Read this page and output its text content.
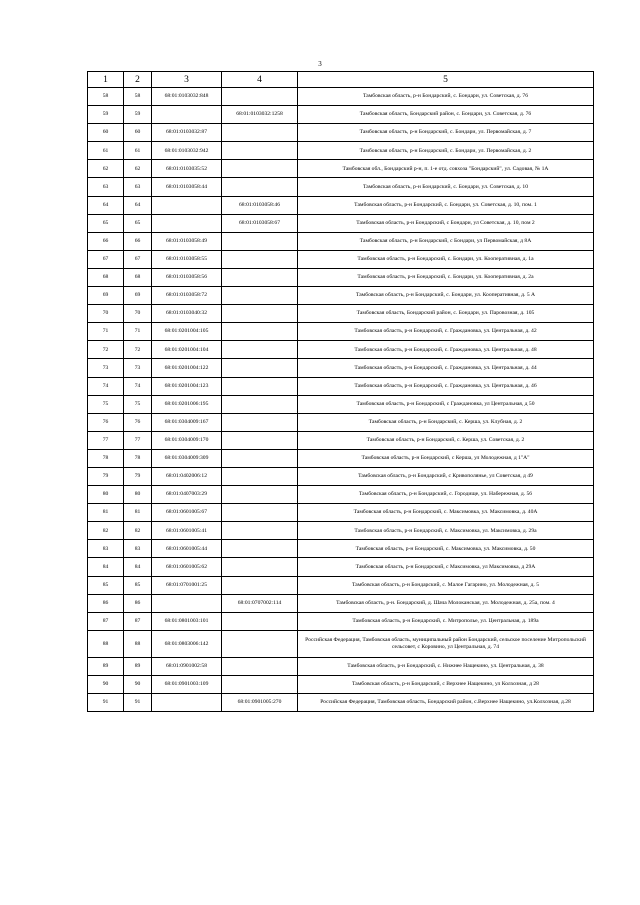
3
1	2	3	4	5
58	58	68:01:0103032:848		Тамбовская область, р-н Бондарский, с. Бондари, ул. Советская, д. 76
59	59		68:01:0103032:1258	Тамбовская область, Бондарский район, с. Бондари, ул. Советская, д. 76
60	60	68:01:0103032:87		Тамбовская область, р-н Бондарский, с. Бондари, ул. Первомайская, д. 7
61	61	68:01:0103032:942		Тамбовская область, р-н Бондарский, с. Бондари, ул. Первомайская, д. 2
62	62	68:01:0103035:52		Тамбовская обл., Бондарский р-н, п. 1-е отд. совхоза "Бондарский", ул. Садовая, № 1А
63	63	68:01:0103058:44		Тамбовская область, р-н Бондарский, с. Бондари, ул. Советская, д. 10
64	64		68:01:0103058:46	Тамбовская область, р-н Бондарский, с. Бондари, ул. Советская, д. 10, пом. 1
65	65		68:01:0103058:67	Тамбовская область, р-н Бондарский, с Бондари, ул Советская, д. 10, пом 2
66	66	68:01:0103058:49		Тамбовская область, р-н Бондарский, с Бондари, ул Первомайская, д 8А
67	67	68:01:0103058:55		Тамбовская область, р-н Бондарский, с. Бондари, ул. Кооперативная, д. 1а
68	68	68:01:0103058:56		Тамбовская область, р-н Бондарский, с. Бондари, ул. Кооперативная, д. 2а
69	69	68:01:0103058:72		Тамбовская область, р-н Бондарский, с. Бондари, ул. Кооперативная, д. 5 А
70	70	68:01:0103040:32		Тамбовская область, Бондарский район, с. Бондари, ул. Паровозная, д. 105
71	71	68:01:0201004:105		Тамбовская область, р-н Бондарский, с. Граждановка, ул. Центральная, д. 42
72	72	68:01:0201004:104		Тамбовская область, р-н Бондарский, с. Граждановка, ул. Центральная, д. 48
73	73	68:01:0201004:122		Тамбовская область, р-н Бондарский, с. Граждановка, ул. Центральная, д. 44
74	74	68:01:0201004:123		Тамбовская область, р-н Бондарский, с. Граждановка, ул. Центральная, д. 46
75	75	68:01:0201006:195		Тамбовская область, р-н Бондарский, с Граждановка, ул Центральная, д 50
76	76	68:01:0304009:167		Тамбовская область, р-н Бондарский, с. Керша, ул. Клубная, д. 2
77	77	68:01:0304009:170		Тамбовская область, р-н Бондарский, с. Керша, ул. Советская, д. 2
78	78	68:01:0304009:309		Тамбовская область, р-н Бондарский, с Керша, ул Молодежная, д 1"А"
79	79	68:01:0402006:12		Тамбовская область, р-н Бондарский, с Кривополянье, ул Советская, д 49
80	80	68:01:0407003:29		Тамбовская область, р-н Бондарский, с. Городище, ул. Набережная, д. 56
81	81	68:01:0601005:67		Тамбовская область, р-н Бондарский, с. Максимовка, ул. Максимовка, д. 40А
82	82	68:01:0601005:41		Тамбовская область, р-н Бондарский, с. Максимовка, ул. Максимовка, д. 29а
83	83	68:01:0601005:44		Тамбовская область, р-н Бондарский, с. Максимовка, ул. Максимовка, д. 50
84	84	68:01:0601005:62		Тамбовская область, р-н Бондарский, с Максимовка, ул Максимовка, д 29А
85	85	68:01:0701001:25		Тамбовская область, р-н Бондарский, с. Малое Гагарино, ул. Молодежная, д. 5
86	86		68:01:0707002:114	Тамбовская область, р-н. Бондарский, д. Шача Молоканская, ул. Молодежная, д. 25а, пом. 4
87	87	68:01:0801003:101		Тамбовская область, р-н Бондарский, с. Митрополье, ул. Центральная, д. 189а
88	88	68:01:0803006:142		Российская Федерация, Тамбовская область, муниципальный район Бондарский, сельское поселение Митропольский сельсовет, с Коровино, ул Центральная, д. 74
89	89	68:01:0901002:58		Тамбовская область, р-н Бондарский, с. Нижнее Нащекино, ул. Центральная, д. 38
90	90	68:01:0901003:109		Тамбовская область, р-н Бондарский, с Верхнее Нащекино, ул Колхозная, д 28
91	91		68:01:0901005:270	Российская Федерация, Тамбовская область, Бондарский район, с.Верхнее Нащекино, ул.Колхозная, д.28
